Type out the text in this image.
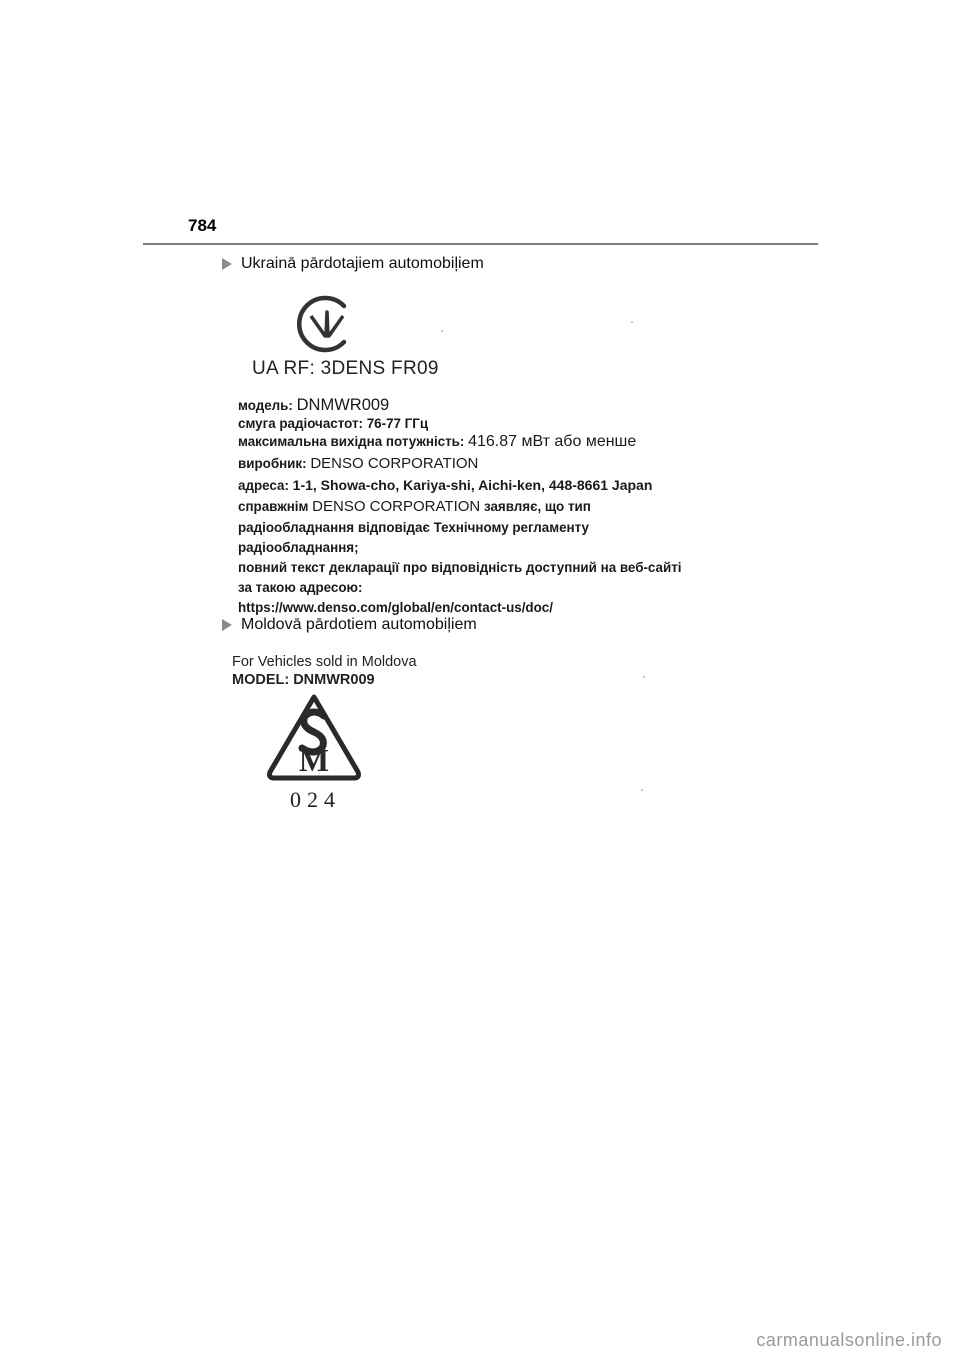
784
Ukrainā pārdotajiem automobiļiem
UA RF: 3DENS FR09
модель: DNMWR009
смуга радіочастот: 76-77 ГГц
максимальна вихідна потужність: 416.87 мВт або менше
виробник: DENSO CORPORATION
адреса: 1-1, Showa-cho, Kariya-shi, Aichi-ken, 448-8661 Japan
справжнім DENSO CORPORATION заявляє, що тип
радіообладнання відповідає Технічному регламенту
радіообладнання;
повний текст декларації про відповідність доступний на веб-сайті
за такою адресою:
https://www.denso.com/global/en/contact-us/doc/
Moldovā pārdotiem automobiļiem
For Vehicles sold in Moldova
MODEL: DNMWR009
M
024
carmanualsonline.info
